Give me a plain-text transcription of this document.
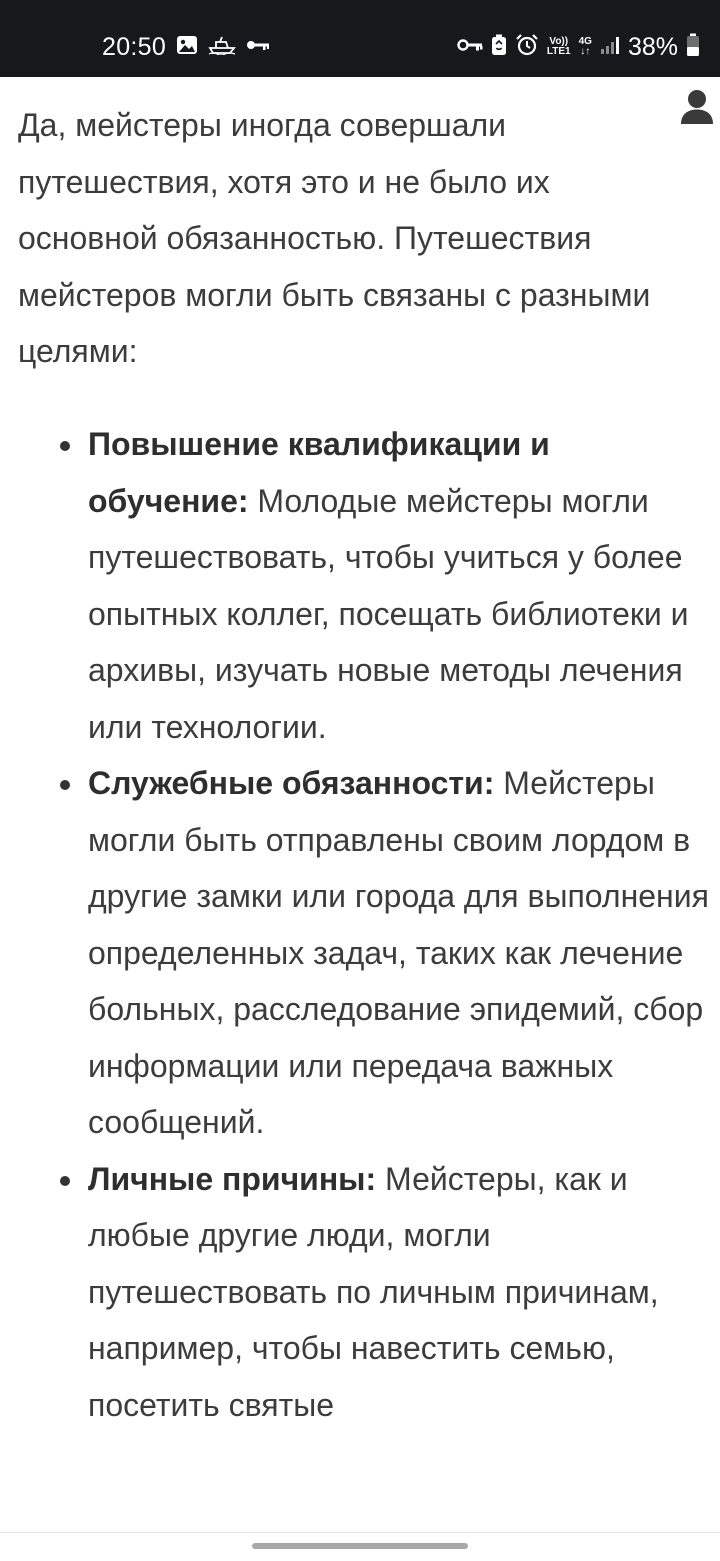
20:50	Vo))
LTE1
4G
↓↑ 38%

Да, мейстеры иногда совершали путешествия, хотя это и не было их основной обязанностью. Путешествия мейстеров могли быть связаны с разными целями:

Повышение квалификации и обучение: Молодые мейстеры могли путешествовать, чтобы учиться у более опытных коллег, посещать библиотеки и архивы, изучать новые методы лечения или технологии.
Служебные обязанности: Мейстеры могли быть отправлены своим лордом в другие замки или города для выполнения определенных задач, таких как лечение больных, расследование эпидемий, сбор информации или передача важных сообщений.
Личные причины: Мейстеры, как и любые другие люди, могли путешествовать по личным причинам, например, чтобы навестить семью, посетить святые
